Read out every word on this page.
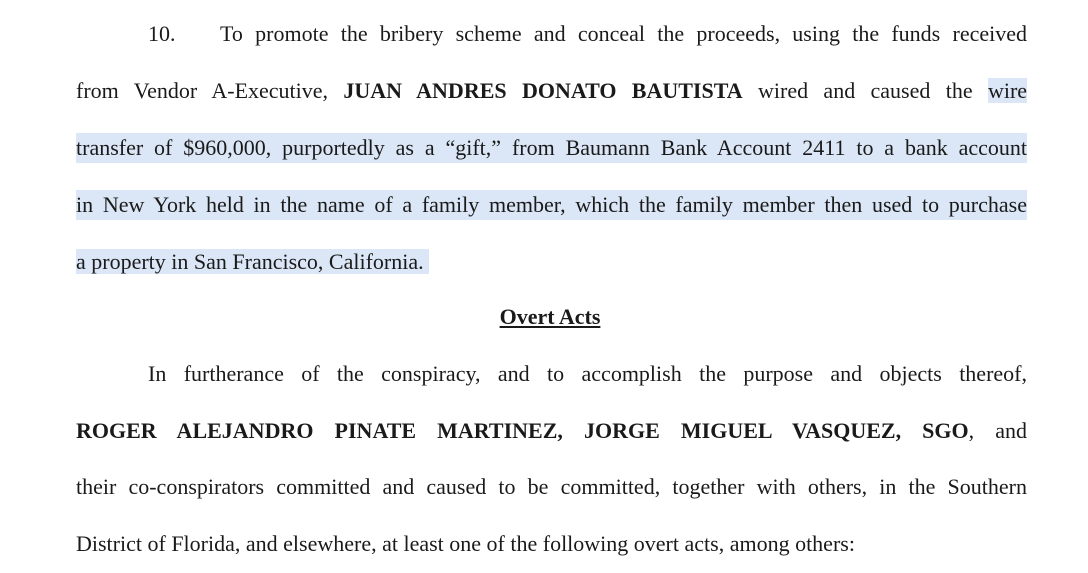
10. To promote the bribery scheme and conceal the proceeds, using the funds received
from Vendor A-Executive, JUAN ANDRES DONATO BAUTISTA wired and caused the wire
transfer of $960,000, purportedly as a “gift,” from Baumann Bank Account 2411 to a bank account
in New York held in the name of a family member, which the family member then used to purchase
a property in San Francisco, California.
Overt Acts
In furtherance of the conspiracy, and to accomplish the purpose and objects thereof,
ROGER ALEJANDRO PINATE MARTINEZ, JORGE MIGUEL VASQUEZ, SGO, and
their co-conspirators committed and caused to be committed, together with others, in the Southern
District of Florida, and elsewhere, at least one of the following overt acts, among others:
